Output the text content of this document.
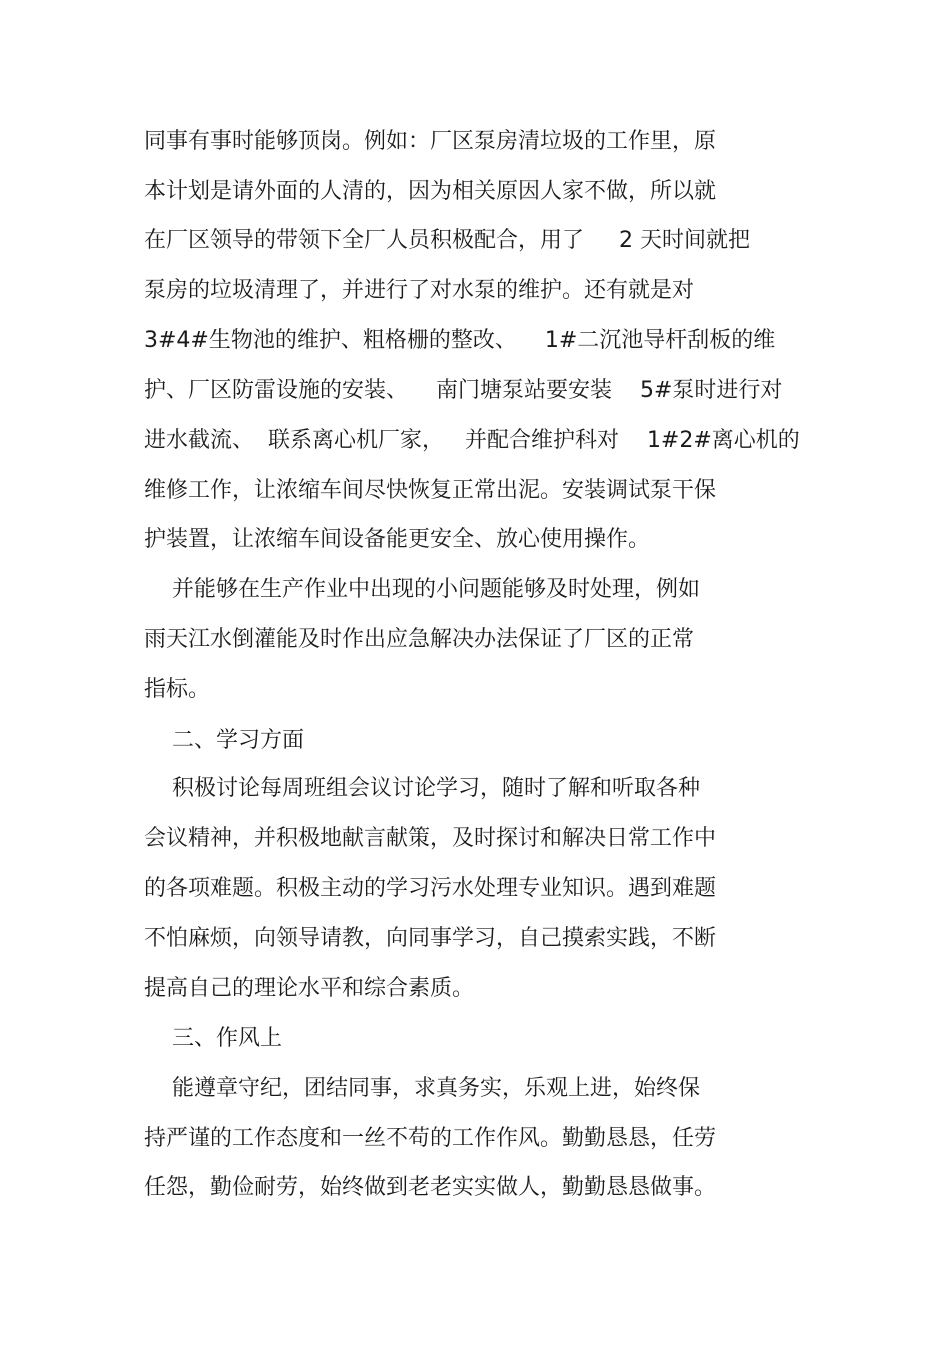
同事有事时能够顶岗。例如：厂区泵房清垃圾的工作里，原

本计划是请外面的人清的，因为相关原因人家不做，所以就

在厂区领导的带领下全厂人员积极配合，用了     2 天时间就把

泵房的垃圾清理了，并进行了对水泵的维护。还有就是对

3#4#生物池的维护、粗格栅的整改、    1#二沉池导杆刮板的维

护、厂区防雷设施的安装、    南门塘泵站要安装    5#泵时进行对

进水截流、  联系离心机厂家，   并配合维护科对    1#2#离心机的

维修工作，让浓缩车间尽快恢复正常出泥。安装调试泵干保

护装置，让浓缩车间设备能更安全、放心使用操作。

并能够在生产作业中出现的小问题能够及时处理，例如

雨天江水倒灌能及时作出应急解决办法保证了厂区的正常

指标。

二、学习方面

积极讨论每周班组会议讨论学习，随时了解和听取各种

会议精神，并积极地献言献策，及时探讨和解决日常工作中

的各项难题。积极主动的学习污水处理专业知识。遇到难题

不怕麻烦，向领导请教，向同事学习，自己摸索实践，不断

提高自己的理论水平和综合素质。

三、作风上

能遵章守纪，团结同事，求真务实，乐观上进，始终保

持严谨的工作态度和一丝不苟的工作作风。勤勤恳恳，任劳

任怨，勤俭耐劳，始终做到老老实实做人，勤勤恳恳做事。
